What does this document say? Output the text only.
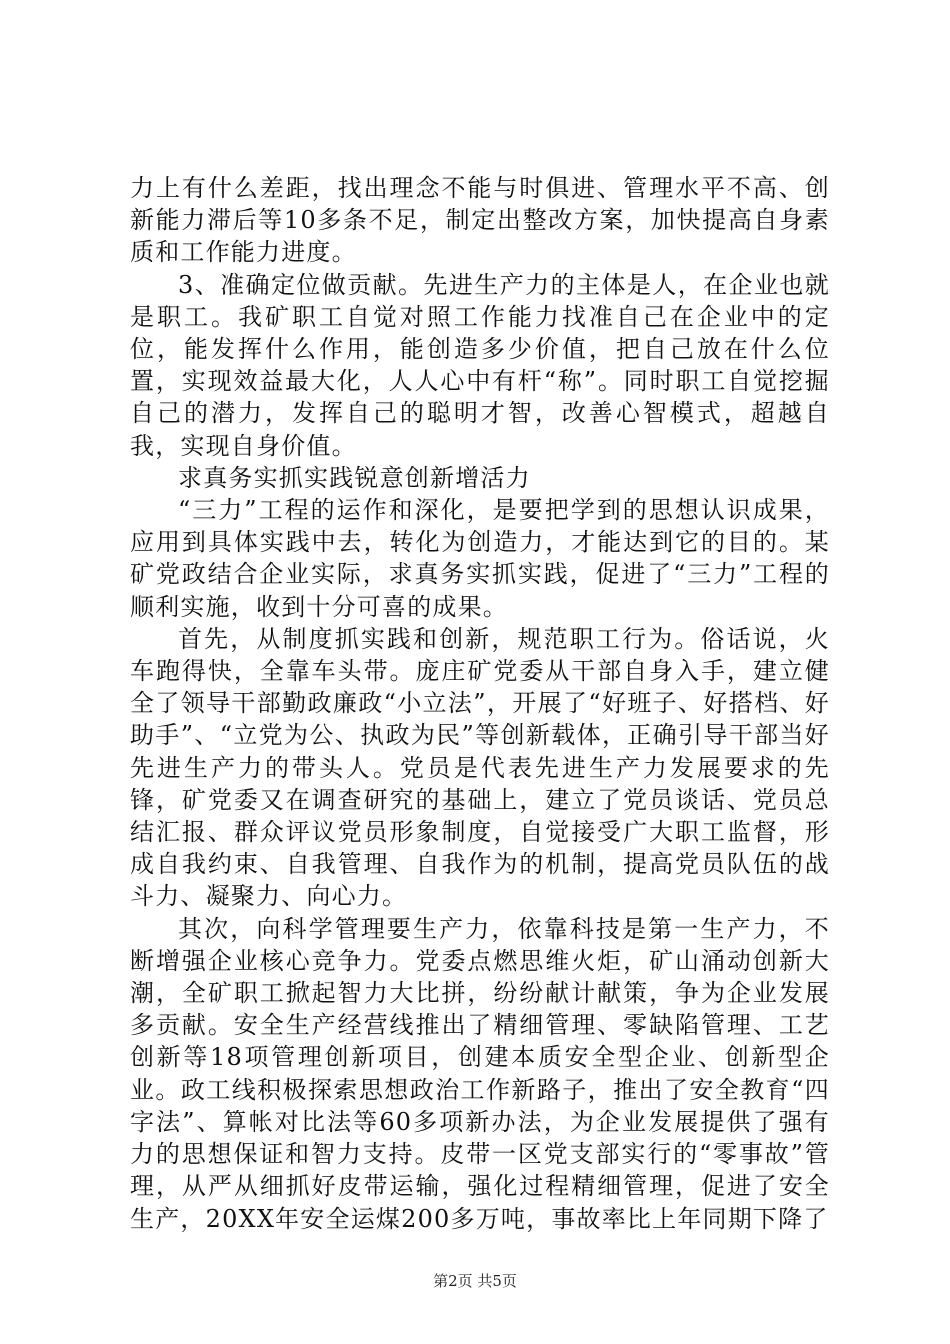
力上有什么差距，找出理念不能与时俱进、管理水平不高、创新能力滞后等10多条不足，制定出整改方案，加快提高自身素质和工作能力进度。

3、准确定位做贡献。先进生产力的主体是人，在企业也就是职工。我矿职工自觉对照工作能力找准自己在企业中的定位，能发挥什么作用，能创造多少价值，把自己放在什么位置，实现效益最大化，人人心中有杆“称”。同时职工自觉挖掘自己的潜力，发挥自己的聪明才智，改善心智模式，超越自我，实现自身价值。

求真务实抓实践锐意创新增活力

“三力”工程的运作和深化，是要把学到的思想认识成果，应用到具体实践中去，转化为创造力，才能达到它的目的。某矿党政结合企业实际，求真务实抓实践，促进了“三力”工程的顺利实施，收到十分可喜的成果。

首先，从制度抓实践和创新，规范职工行为。俗话说，火车跑得快，全靠车头带。庞庄矿党委从干部自身入手，建立健全了领导干部勤政廉政“小立法”，开展了“好班子、好搭档、好助手”、“立党为公、执政为民”等创新载体，正确引导干部当好先进生产力的带头人。党员是代表先进生产力发展要求的先锋，矿党委又在调查研究的基础上，建立了党员谈话、党员总结汇报、群众评议党员形象制度，自觉接受广大职工监督，形成自我约束、自我管理、自我作为的机制，提高党员队伍的战斗力、凝聚力、向心力。

其次，向科学管理要生产力，依靠科技是第一生产力，不断增强企业核心竞争力。党委点燃思维火炬，矿山涌动创新大潮，全矿职工掀起智力大比拼，纷纷献计献策，争为企业发展多贡献。安全生产经营线推出了精细管理、零缺陷管理、工艺创新等18项管理创新项目，创建本质安全型企业、创新型企业。政工线积极探索思想政治工作新路子，推出了安全教育“四字法”、算帐对比法等60多项新办法，为企业发展提供了强有力的思想保证和智力支持。皮带一区党支部实行的“零事故”管理，从严从细抓好皮带运输，强化过程精细管理，促进了安全生产，20XX年安全运煤200多万吨，事故率比上年同期下降了

第2页 共5页
